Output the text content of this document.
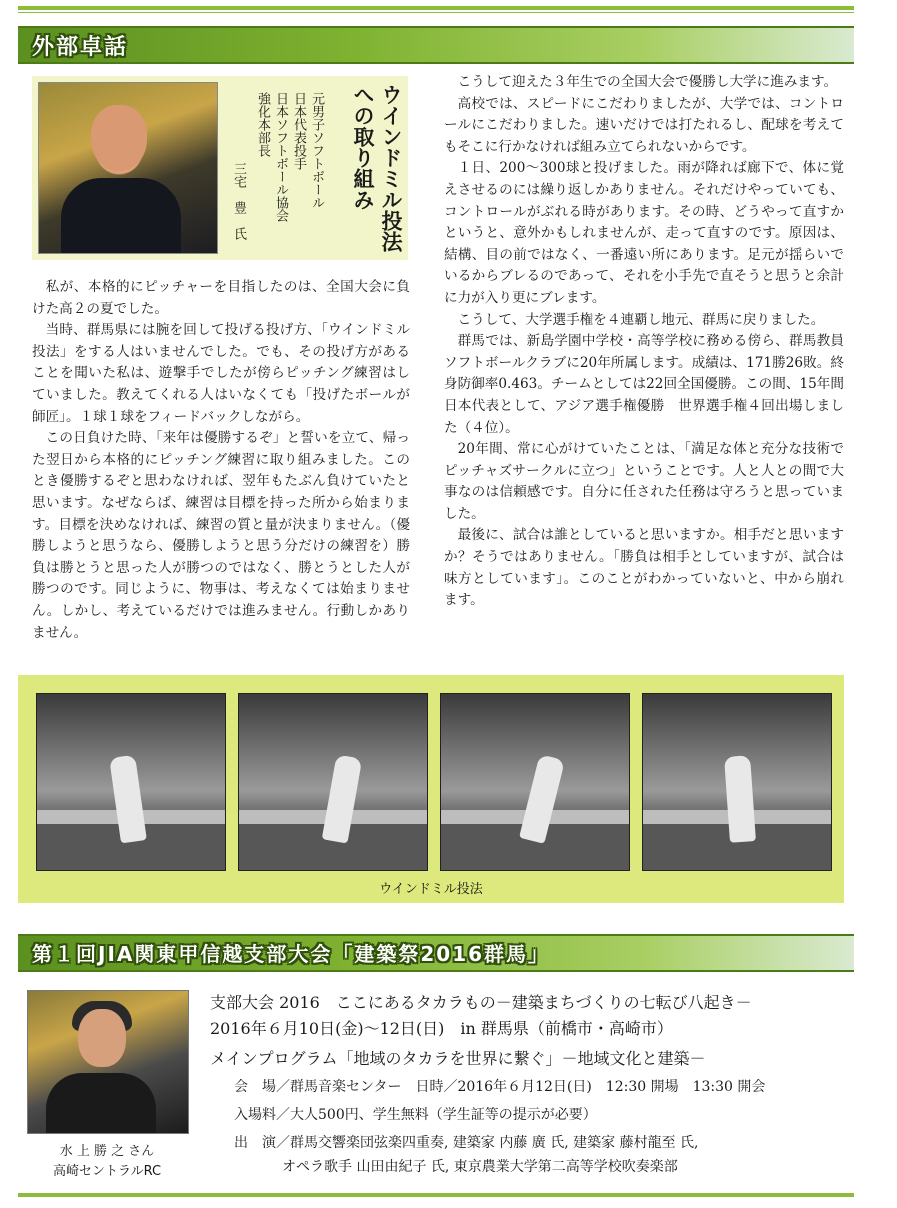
外部卓話
ウインドミル投法
への取り組み
元男子ソフトボール
日本代表投手
日本ソフトボール協会
強化本部長
三宅　豊　氏

私が、本格的にピッチャーを目指したのは、全国大会に負けた高２の夏でした。

当時、群馬県には腕を回して投げる投げ方、「ウインドミル投法」をする人はいませんでした。でも、その投げ方があることを聞いた私は、遊撃手でしたが傍らピッチング練習はしていました。教えてくれる人はいなくても「投げたボールが師匠」。１球１球をフィードバックしながら。

この日負けた時、「来年は優勝するぞ」と誓いを立て、帰った翌日から本格的にピッチング練習に取り組みました。このとき優勝するぞと思わなければ、翌年もたぶん負けていたと思います。なぜならば、練習は目標を持った所から始まります。目標を決めなければ、練習の質と量が決まりません。（優勝しようと思うなら、優勝しようと思う分だけの練習を）勝負は勝とうと思った人が勝つのではなく、勝とうとした人が勝つのです。同じように、物事は、考えなくては始まりません。しかし、考えているだけでは進みません。行動しかありません。

こうして迎えた３年生での全国大会で優勝し大学に進みます。

高校では、スピードにこだわりましたが、大学では、コントロールにこだわりました。速いだけでは打たれるし、配球を考えてもそこに行かなければ組み立てられないからです。

１日、200～300球と投げました。雨が降れば廊下で、体に覚えさせるのには繰り返しかありません。それだけやっていても、コントロールがぶれる時があります。その時、どうやって直すかというと、意外かもしれませんが、走って直すのです。原因は、結構、目の前ではなく、一番遠い所にあります。足元が揺らいでいるからブレるのであって、それを小手先で直そうと思うと余計に力が入り更にブレます。

こうして、大学選手権を４連覇し地元、群馬に戻りました。

群馬では、新島学園中学校・高等学校に務める傍ら、群馬教員ソフトボールクラブに20年所属します。成績は、171勝26敗。終身防御率0.463。チームとしては22回全国優勝。この間、15年間日本代表として、アジア選手権優勝　世界選手権４回出場しました（４位）。

20年間、常に心がけていたことは、「満足な体と充分な技術でピッチャズサークルに立つ」ということです。人と人との間で大事なのは信頼感です。自分に任された任務は守ろうと思っていました。

最後に、試合は誰としていると思いますか。相手だと思いますか？そうではありません。「勝負は相手としていますが、試合は味方としています」。このことがわかっていないと、中から崩れます。

ウインドミル投法
第１回JIA関東甲信越支部大会「建築祭2016群馬」
水 上 勝 之 さん
高崎セントラルRC
支部大会 2016　ここにあるタカラもの－建築まちづくりの七転び八起き－
2016年６月10日(金)～12日(日)　in 群馬県（前橋市・高崎市）
メインプログラム「地域のタカラを世界に繋ぐ」－地域文化と建築－
会　場／群馬音楽センター　日時／2016年６月12日(日)　12:30 開場　13:30 開会
入場料／大人500円、学生無料（学生証等の提示が必要）
出　演／群馬交響楽団弦楽四重奏, 建築家 内藤 廣 氏, 建築家 藤村龍至 氏,
オペラ歌手 山田由紀子 氏, 東京農業大学第二高等学校吹奏楽部
